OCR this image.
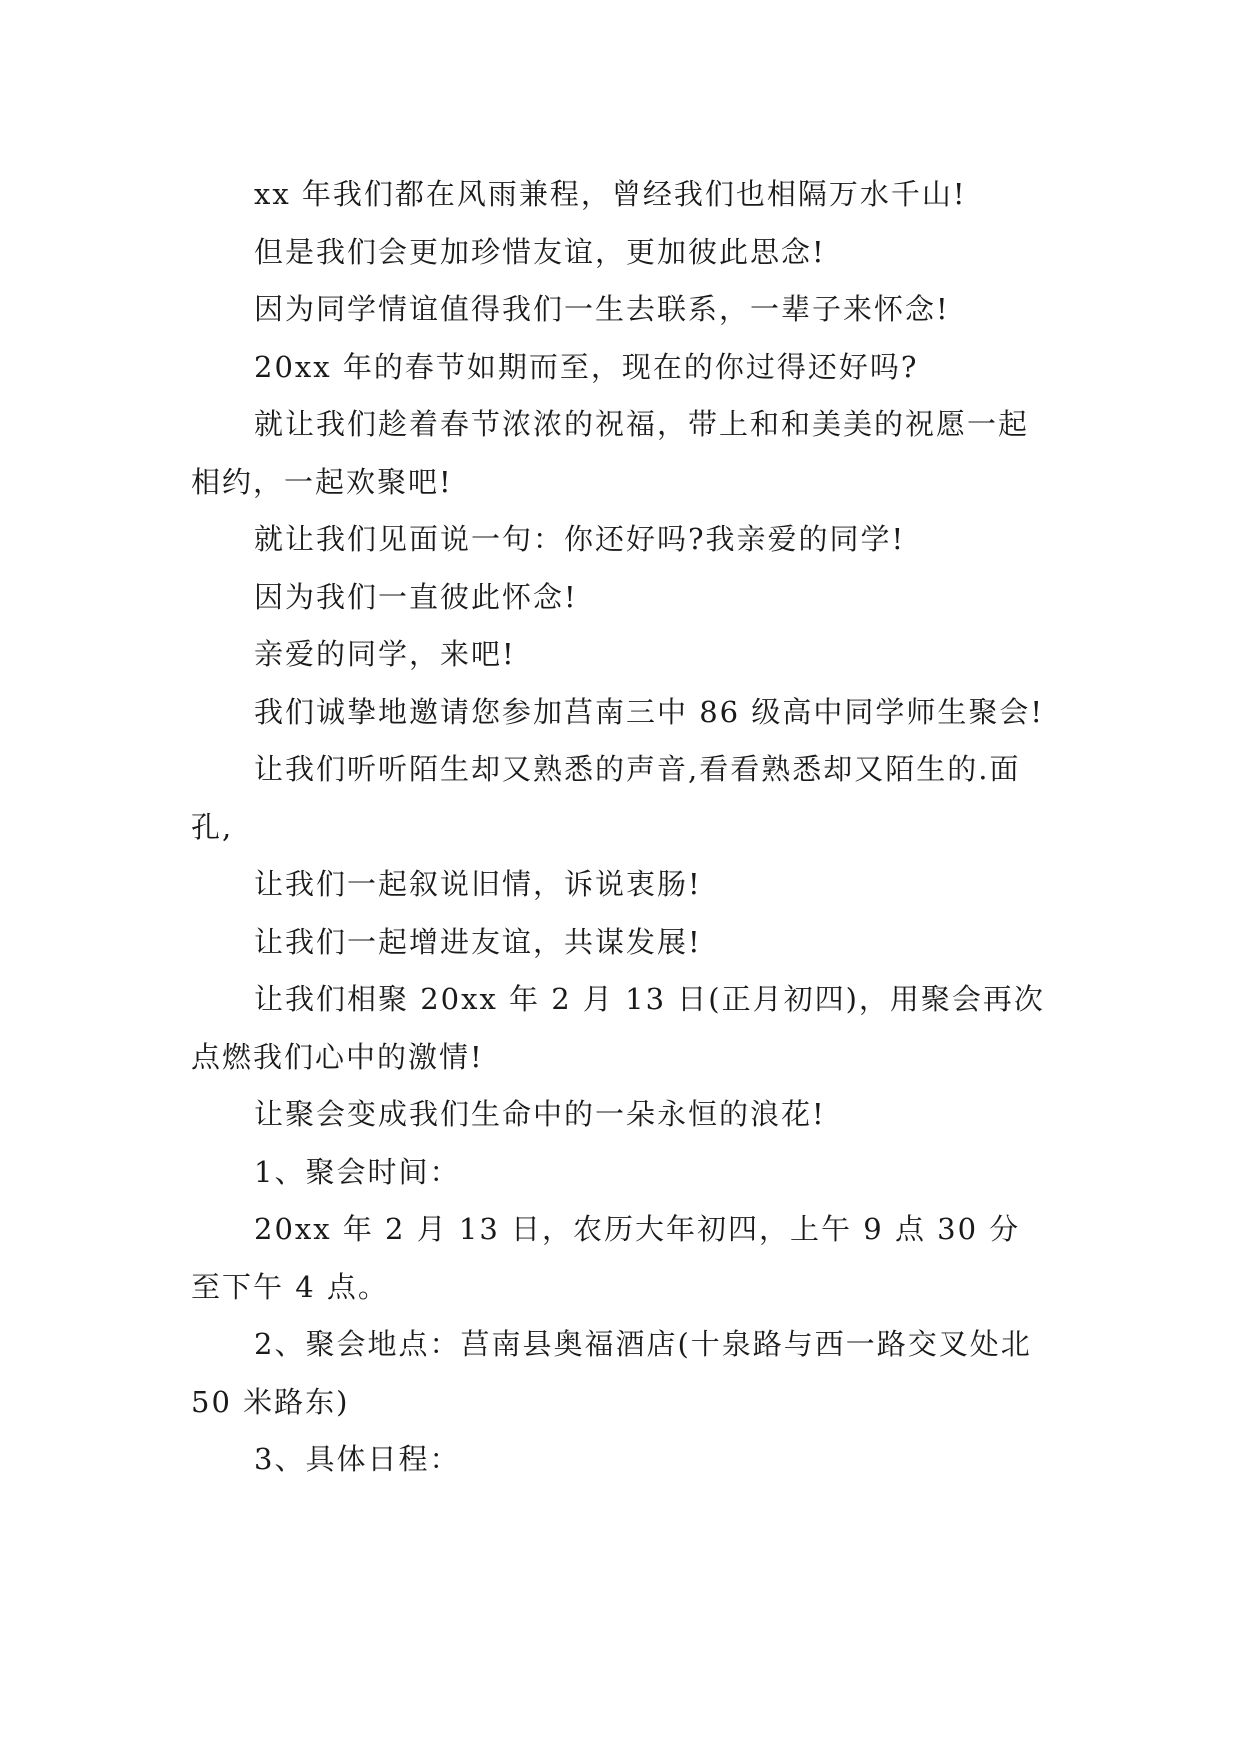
xx 年我们都在风雨兼程，曾经我们也相隔万水千山!

但是我们会更加珍惜友谊，更加彼此思念!

因为同学情谊值得我们一生去联系，一辈子来怀念!

20xx 年的春节如期而至，现在的你过得还好吗?

就让我们趁着春节浓浓的祝福，带上和和美美的祝愿一起相约，一起欢聚吧!

就让我们见面说一句：你还好吗?我亲爱的同学!

因为我们一直彼此怀念!

亲爱的同学，来吧!

我们诚挚地邀请您参加莒南三中 86 级高中同学师生聚会!

让我们听听陌生却又熟悉的声音,看看熟悉却又陌生的.面孔,

让我们一起叙说旧情，诉说衷肠!

让我们一起增进友谊，共谋发展!

让我们相聚 20xx 年 2 月 13 日(正月初四)，用聚会再次点燃我们心中的激情!

让聚会变成我们生命中的一朵永恒的浪花!

1、聚会时间：

20xx 年 2 月 13 日，农历大年初四，上午 9 点 30 分至下午 4 点。

2、聚会地点：莒南县奥福酒店(十泉路与西一路交叉处北 50 米路东)

3、具体日程：
